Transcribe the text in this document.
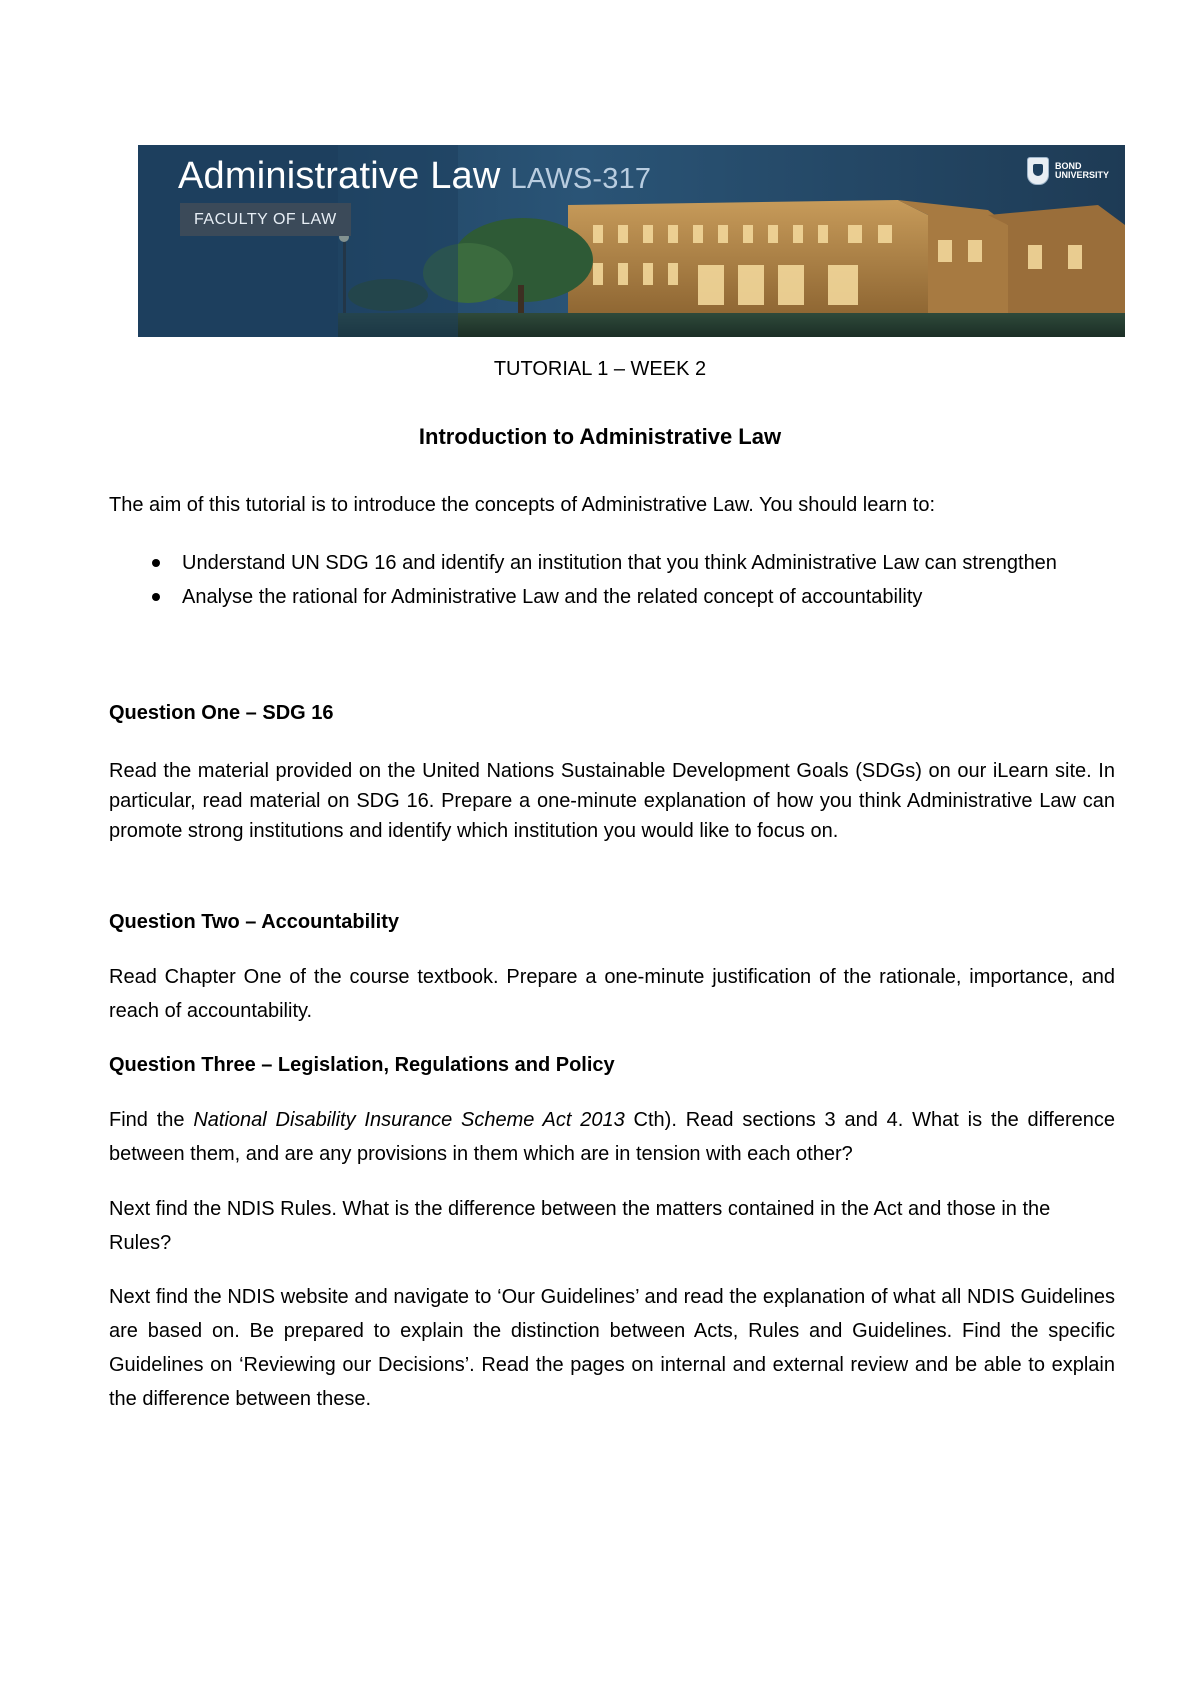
Administrative Law LAWS-317
FACULTY OF LAW
BOND
UNIVERSITY
TUTORIAL 1 – WEEK 2
Introduction to Administrative Law

The aim of this tutorial is to introduce the concepts of Administrative Law. You should learn to:

Understand UN SDG 16 and identify an institution that you think Administrative Law can strengthen
Analyse the rational for Administrative Law and the related concept of accountability

Question One – SDG 16

Read the material provided on the United Nations Sustainable Development Goals (SDGs) on our iLearn site. In particular, read material on SDG 16. Prepare a one-minute explanation of how you think Administrative Law can promote strong institutions and identify which institution you would like to focus on.

Question Two – Accountability

Read Chapter One of the course textbook. Prepare a one-minute justification of the rationale, importance, and reach of accountability.

Question Three – Legislation, Regulations and Policy

Find the National Disability Insurance Scheme Act 2013 Cth). Read sections 3 and 4. What is the difference between them, and are any provisions in them which are in tension with each other?

Next find the NDIS Rules. What is the difference between the matters contained in the Act and those in the Rules?

Next find the NDIS website and navigate to ‘Our Guidelines’ and read the explanation of what all NDIS Guidelines are based on. Be prepared to explain the distinction between Acts, Rules and Guidelines. Find the specific Guidelines on ‘Reviewing our Decisions’. Read the pages on internal and external review and be able to explain the difference between these.
